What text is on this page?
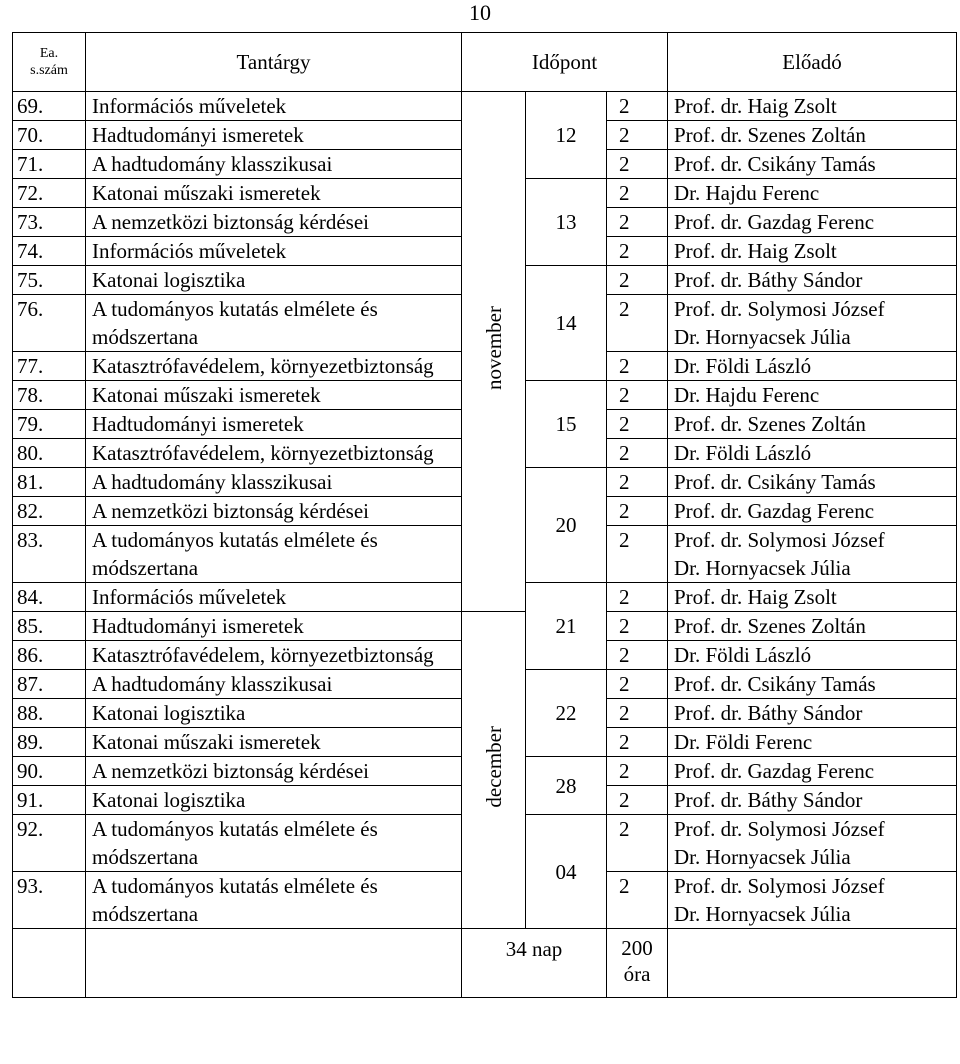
10
Ea.
s.szám	Tantárgy	Időpont			Előadó
69.	Információs műveletek	november	12	2	Prof. dr. Haig Zsolt
70.	Hadtudományi ismeretek			2	Prof. dr. Szenes Zoltán
71.	A hadtudomány klasszikusai			2	Prof. dr. Csikány Tamás
72.	Katonai műszaki ismeretek		13	2	Dr. Hajdu Ferenc
73.	A nemzetközi biztonság kérdései			2	Prof. dr. Gazdag Ferenc
74.	Információs műveletek			2	Prof. dr. Haig Zsolt
75.	Katonai logisztika		14	2	Prof. dr. Báthy Sándor
76.	A tudományos kutatás elmélete és módszertana			2	Prof. dr. Solymosi József
Dr. Hornyacsek Júlia
77.	Katasztrófavédelem, környezetbiztonság			2	Dr. Földi László
78.	Katonai műszaki ismeretek		15	2	Dr. Hajdu Ferenc
79.	Hadtudományi ismeretek			2	Prof. dr. Szenes Zoltán
80.	Katasztrófavédelem, környezetbiztonság			2	Dr. Földi László
81.	A hadtudomány klasszikusai		20	2	Prof. dr. Csikány Tamás
82.	A nemzetközi biztonság kérdései			2	Prof. dr. Gazdag Ferenc
83.	A tudományos kutatás elmélete és módszertana			2	Prof. dr. Solymosi József
Dr. Hornyacsek Júlia
84.	Információs műveletek		21	2	Prof. dr. Haig Zsolt
85.	Hadtudományi ismeretek	december		2	Prof. dr. Szenes Zoltán
86.	Katasztrófavédelem, környezetbiztonság			2	Dr. Földi László
87.	A hadtudomány klasszikusai		22	2	Prof. dr. Csikány Tamás
88.	Katonai logisztika			2	Prof. dr. Báthy Sándor
89.	Katonai műszaki ismeretek			2	Dr. Földi Ferenc
90.	A nemzetközi biztonság kérdései		28	2	Prof. dr. Gazdag Ferenc
91.	Katonai logisztika			2	Prof. dr. Báthy Sándor
92.	A tudományos kutatás elmélete és módszertana		04	2	Prof. dr. Solymosi József
Dr. Hornyacsek Júlia
93.	A tudományos kutatás elmélete és módszertana			2	Prof. dr. Solymosi József
Dr. Hornyacsek Júlia
		34 nap		200 óra	
